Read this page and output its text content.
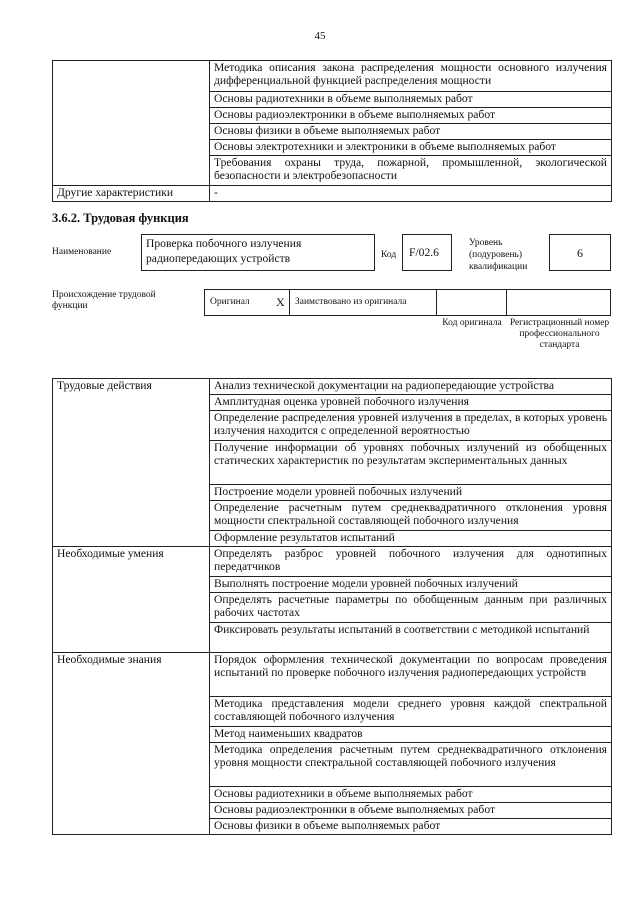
45
	Методика описания закона распределения мощности основного излучения дифференциальной функцией распределения мощности
	Основы радиотехники в объеме выполняемых работ
	Основы радиоэлектроники в объеме выполняемых работ
	Основы физики в объеме выполняемых работ
	Основы электротехники и электроники в объеме выполняемых работ
	Требования охраны труда, пожарной, промышленной, экологической безопасности и электробезопасности
Другие характеристики	-
3.6.2. Трудовая функция
Наименование
Проверка побочного излучения радиопередающих устройств	Код	F/02.6
Уровень (подуровень) квалификации
6
Происхождение трудовой функции	Оригинал X Заимствовано из оригинала
Код оригинала Регистрационный номер профессионального стандарта
Трудовые действия	Анализ технической документации на радиопередающие устройства
	Амплитудная оценка уровней побочного излучения
	Определение распределения уровней излучения в пределах, в которых уровень излучения находится с определенной вероятностью
	Получение информации об уровнях побочных излучений из обобщенных статических характеристик по результатам экспериментальных данных
	Построение модели уровней побочных излучений
	Определение расчетным путем среднеквадратичного отклонения уровня мощности спектральной составляющей побочного излучения
	Оформление результатов испытаний
Необходимые умения	Определять разброс уровней побочного излучения для однотипных передатчиков
	Выполнять построение модели уровней побочных излучений
	Определять расчетные параметры по обобщенным данным при различных рабочих частотах
	Фиксировать результаты испытаний в соответствии с методикой испытаний
Необходимые знания	Порядок оформления технической документации по вопросам проведения испытаний по проверке побочного излучения радиопередающих устройств
	Методика представления модели среднего уровня каждой спектральной составляющей побочного излучения
	Метод наименьших квадратов
	Методика определения расчетным путем среднеквадратичного отклонения уровня мощности спектральной составляющей побочного излучения
	Основы радиотехники в объеме выполняемых работ
	Основы радиоэлектроники в объеме выполняемых работ
	Основы физики в объеме выполняемых работ
